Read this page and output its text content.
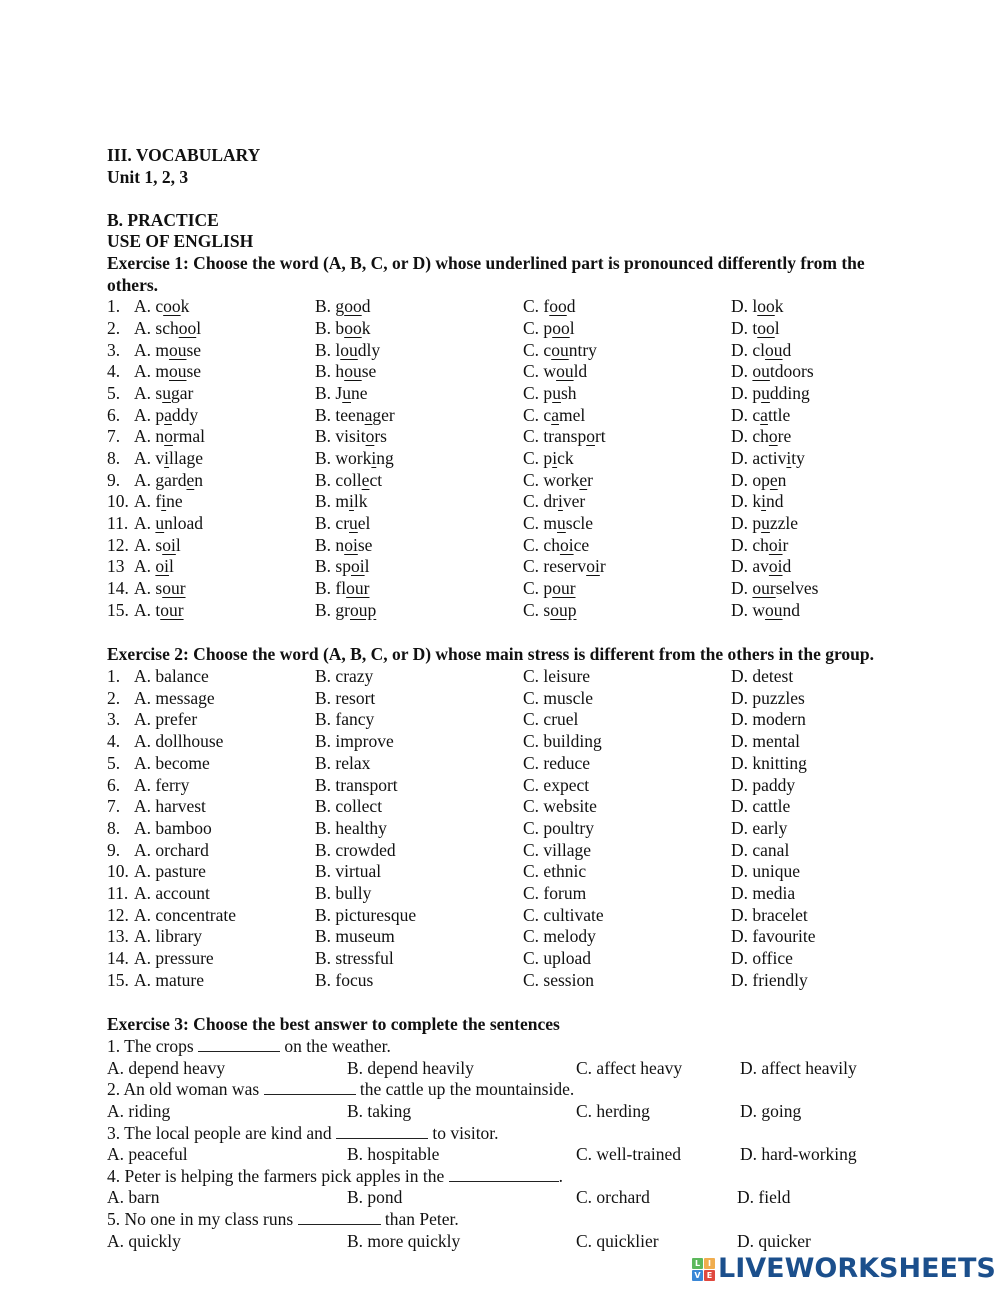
III. VOCABULARY
Unit 1, 2, 3
B. PRACTICE
USE OF ENGLISH
Exercise 1: Choose the word (A, B, C, or D) whose underlined part is pronounced differently from the others.
1. A. cook	B. good	C. food	D. look
2. A. school	B. book	C. pool	D. tool
3. A. mouse	B. loudly	C. country	D. cloud
4. A. mouse	B. house	C. would	D. outdoors
5. A. sugar	B. June	C. push	D. pudding
6. A. paddy	B. teenager	C. camel	D. cattle
7. A. normal	B. visitors	C. transport	D. chore
8. A. village	B. working	C. pick	D. activity
9. A. garden	B. collect	C. worker	D. open
10. A. fine	B. milk	C. driver	D. kind
11. A. unload	B. cruel	C. muscle	D. puzzle
12. A. soil	B. noise	C. choice	D. choir
13 A. oil	B. spoil	C. reservoir	D. avoid
14. A. sour	B. flour	C. pour	D. ourselves
15. A. tour	B. group	C. soup	D. wound
Exercise 2: Choose the word (A, B, C, or D) whose main stress is different from the others in the group.
1. A. balance	B. crazy	C. leisure	D. detest
2. A. message	B. resort	C. muscle	D. puzzles
3. A. prefer	B. fancy	C. cruel	D. modern
4. A. dollhouse	B. improve	C. building	D. mental
5. A. become	B. relax	C. reduce	D. knitting
6. A. ferry	B. transport	C. expect	D. paddy
7. A. harvest	B. collect	C. website	D. cattle
8. A. bamboo	B. healthy	C. poultry	D. early
9. A. orchard	B. crowded	C. village	D. canal
10. A. pasture	B. virtual	C. ethnic	D. unique
11. A. account	B. bully	C. forum	D. media
12. A. concentrate	B. picturesque	C. cultivate	D. bracelet
13. A. library	B. museum	C. melody	D. favourite
14. A. pressure	B. stressful	C. upload	D. office
15. A. mature	B. focus	C. session	D. friendly
Exercise 3: Choose the best answer to complete the sentences
1. The crops	on the weather.
A. depend heavy	B. depend heavily	C. affect heavy	D. affect heavily
2. An old woman was	the cattle up the mountainside.
A. riding	B. taking	C. herding	D. going
3. The local people are kind and	to visitor.
A. peaceful	B. hospitable	C. well-trained	D. hard-working
4. Peter is helping the farmers pick apples in the	.
A. barn	B. pond	C. orchard	D. field
5. No one in my class runs	than Peter.
A. quickly	B. more quickly	C. quicklier	D. quicker
L I
V E LIVEWORKSHEETS
